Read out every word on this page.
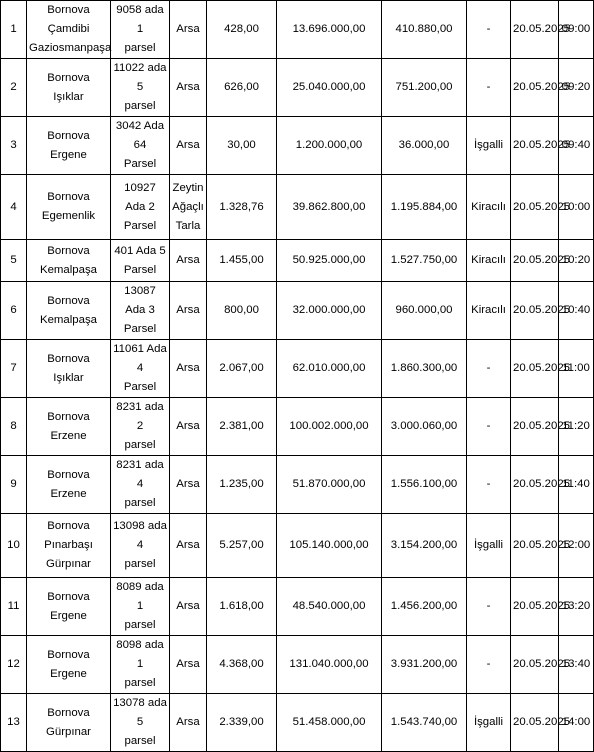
1	Bornova Çamdibi
Gaziosmanpaşa	9058 ada 1
parsel	Arsa	428,00	13.696.000,00	410.880,00	-	20.05.2025	09:00
2	Bornova
Işıklar	11022 ada 5
parsel	Arsa	626,00	25.040.000,00	751.200,00	-	20.05.2025	09:20
3	Bornova
Ergene	3042 Ada 64
Parsel	Arsa	30,00	1.200.000,00	36.000,00	İşgalli	20.05.2025	09:40
4	Bornova
Egemenlik	10927 Ada 2
Parsel	Zeytin
Ağaçlı
Tarla	1.328,76	39.862.800,00	1.195.884,00	Kiracılı	20.05.2025	10:00
5	Bornova
Kemalpaşa	401 Ada 5
Parsel	Arsa	1.455,00	50.925.000,00	1.527.750,00	Kiracılı	20.05.2025	10:20
6	Bornova
Kemalpaşa	13087 Ada 3
Parsel	Arsa	800,00	32.000.000,00	960.000,00	Kiracılı	20.05.2025	10:40
7	Bornova
Işıklar	11061 Ada 4
Parsel	Arsa	2.067,00	62.010.000,00	1.860.300,00	-	20.05.2025	11:00
8	Bornova
Erzene	8231 ada 2
parsel	Arsa	2.381,00	100.002.000,00	3.000.060,00	-	20.05.2025	11:20
9	Bornova
Erzene	8231 ada 4
parsel	Arsa	1.235,00	51.870.000,00	1.556.100,00	-	20.05.2025	11:40
10	Bornova
Pınarbaşı
Gürpınar	13098 ada 4
parsel	Arsa	5.257,00	105.140.000,00	3.154.200,00	İşgalli	20.05.2025	12:00
11	Bornova
Ergene	8089 ada 1
parsel	Arsa	1.618,00	48.540.000,00	1.456.200,00	-	20.05.2025	13:20
12	Bornova
Ergene	8098 ada 1
parsel	Arsa	4.368,00	131.040.000,00	3.931.200,00	-	20.05.2025	13:40
13	Bornova
Gürpınar	13078 ada 5
parsel	Arsa	2.339,00	51.458.000,00	1.543.740,00	İşgalli	20.05.2025	14:00
